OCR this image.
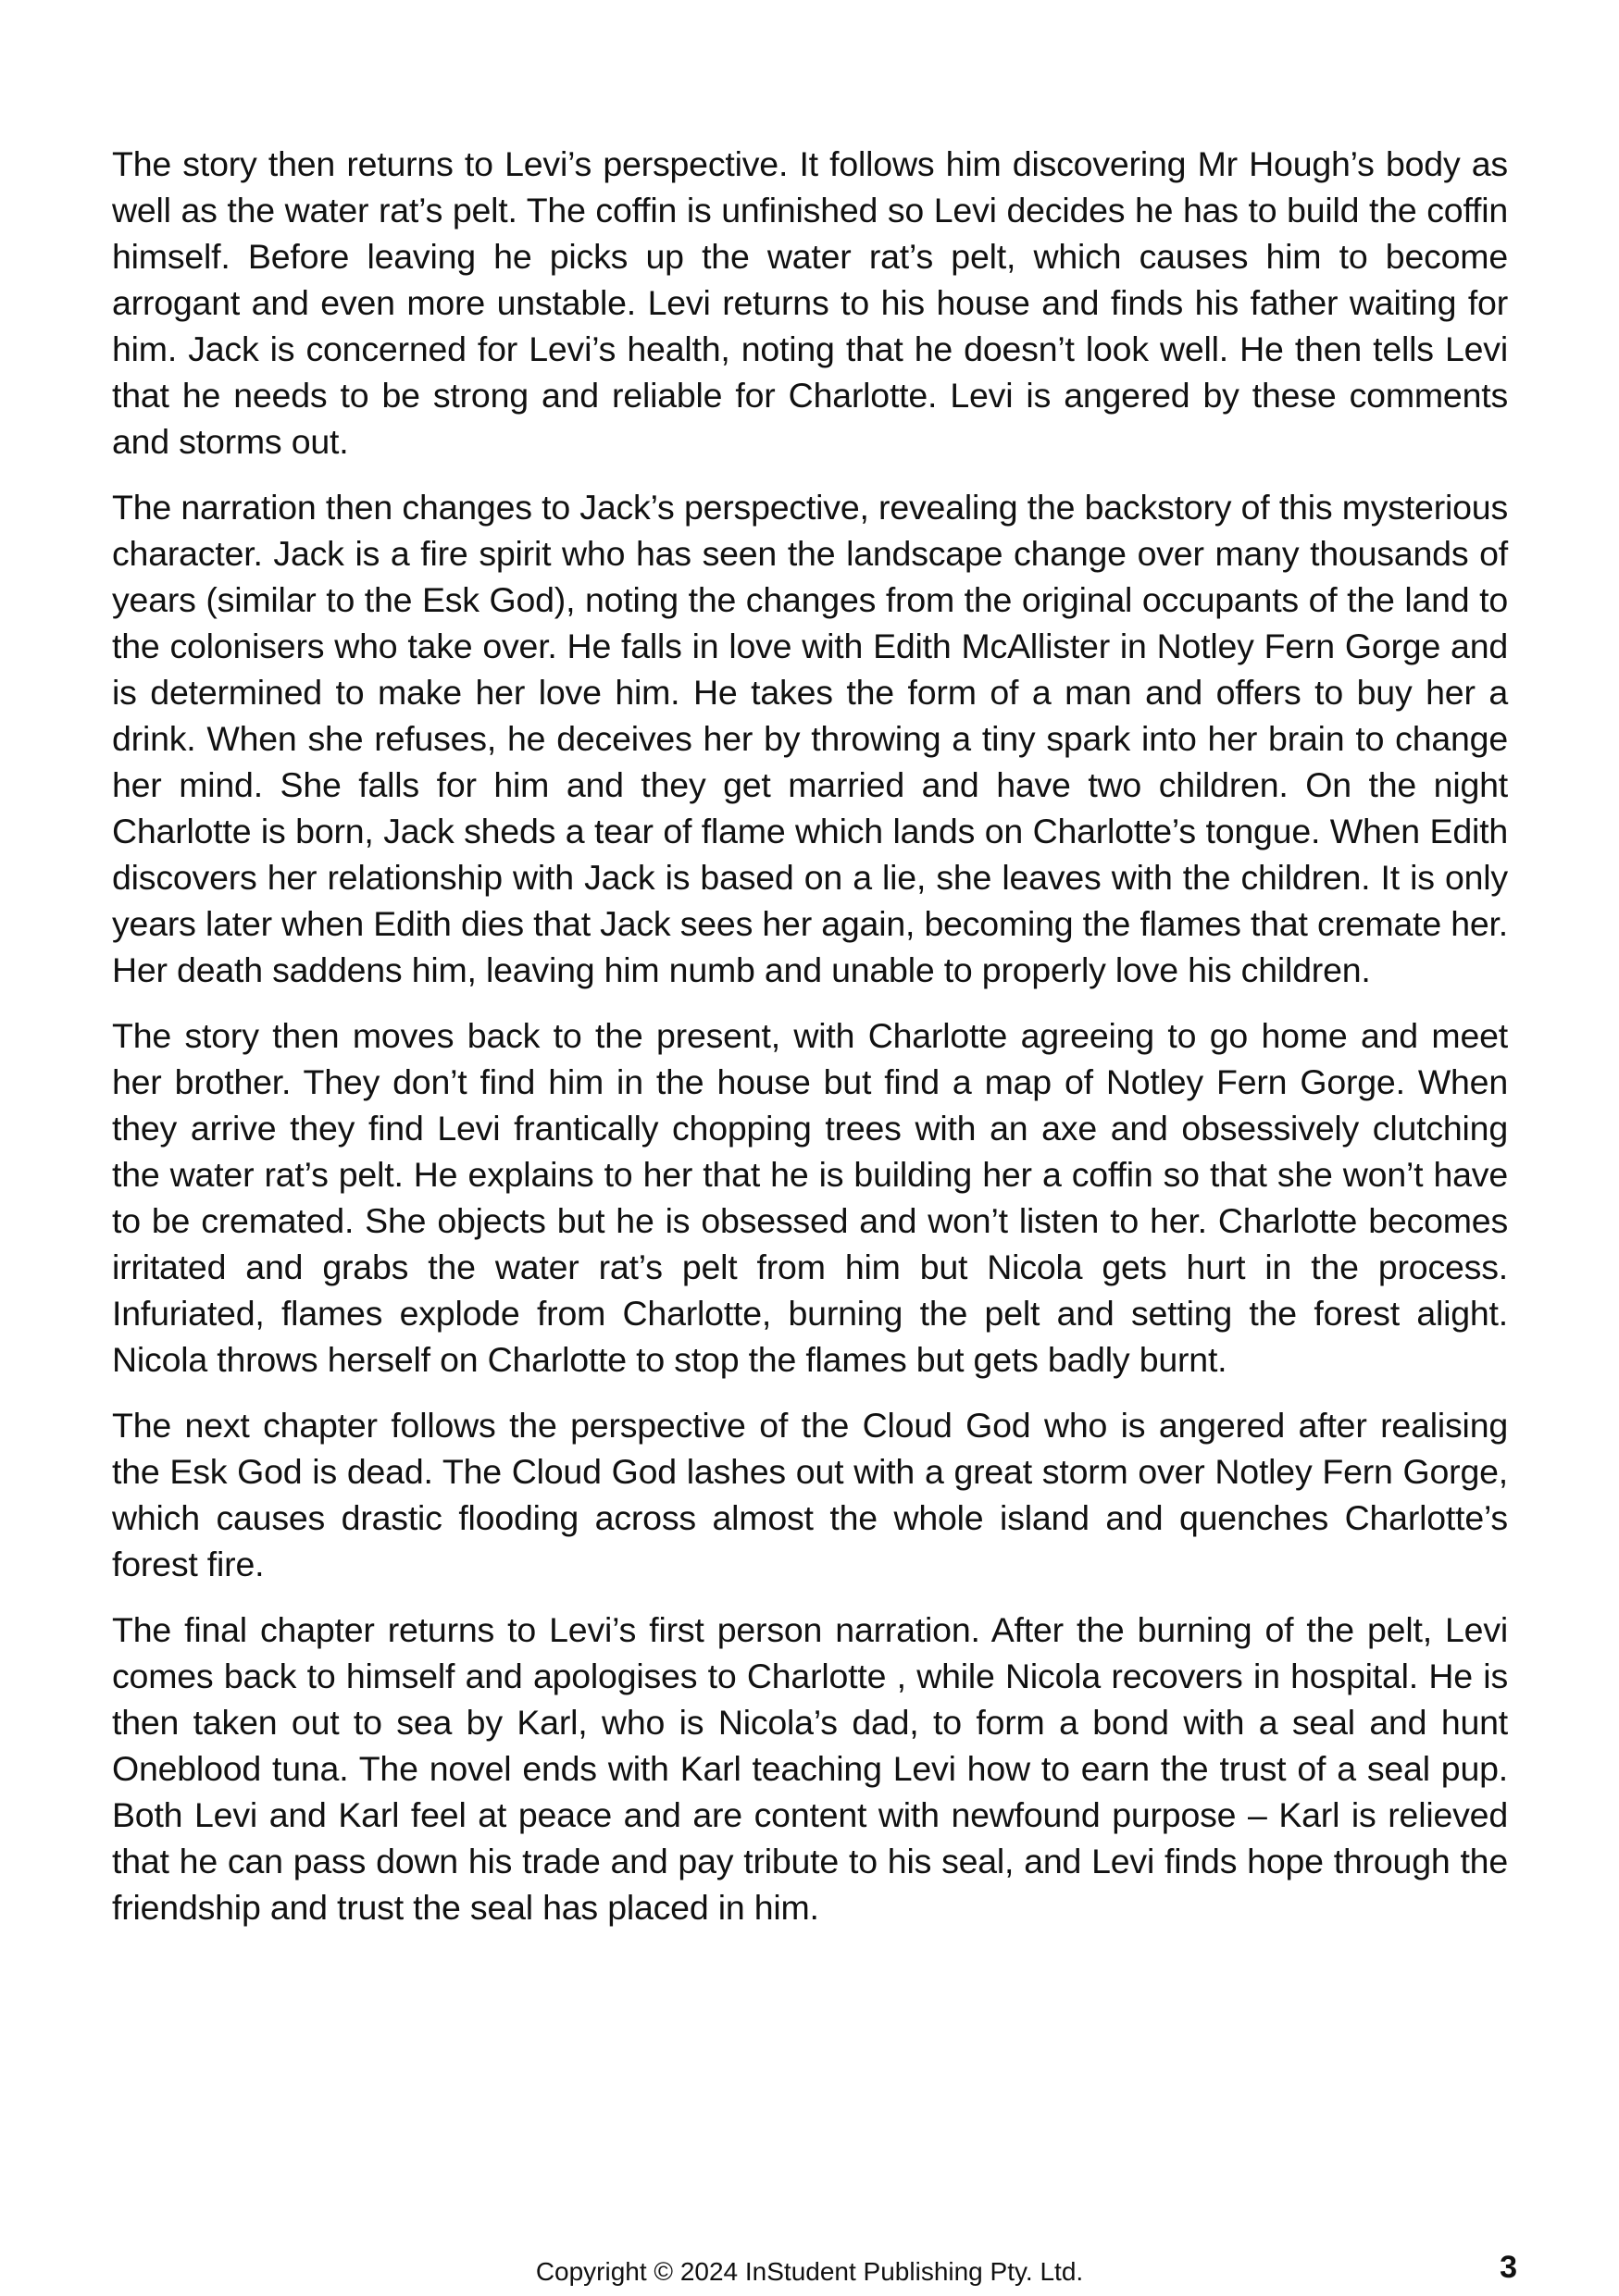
The story then returns to Levi’s perspective. It follows him discovering Mr Hough’s body as well as the water rat’s pelt. The coffin is unfinished so Levi decides he has to build the coffin himself. Before leaving he picks up the water rat’s pelt, which causes him to become arrogant and even more unstable. Levi returns to his house and finds his father waiting for him. Jack is concerned for Levi’s health, noting that he doesn’t look well. He then tells Levi that he needs to be strong and reliable for Charlotte. Levi is angered by these comments and storms out.

The narration then changes to Jack’s perspective, revealing the backstory of this mysterious character. Jack is a fire spirit who has seen the landscape change over many thousands of years (similar to the Esk God), noting the changes from the original occupants of the land to the colonisers who take over. He falls in love with Edith McAllister in Notley Fern Gorge and is determined to make her love him. He takes the form of a man and offers to buy her a drink. When she refuses, he deceives her by throwing a tiny spark into her brain to change her mind. She falls for him and they get married and have two children. On the night Charlotte is born, Jack sheds a tear of flame which lands on Charlotte’s tongue. When Edith discovers her relationship with Jack is based on a lie, she leaves with the children. It is only years later when Edith dies that Jack sees her again, becoming the flames that cremate her. Her death saddens him, leaving him numb and unable to properly love his children.

The story then moves back to the present, with Charlotte agreeing to go home and meet her brother. They don’t find him in the house but find a map of Notley Fern Gorge. When they arrive they find Levi frantically chopping trees with an axe and obsessively clutching the water rat’s pelt. He explains to her that he is building her a coffin so that she won’t have to be cremated. She objects but he is obsessed and won’t listen to her. Charlotte becomes irritated and grabs the water rat’s pelt from him but Nicola gets hurt in the process. Infuriated, flames explode from Charlotte, burning the pelt and setting the forest alight. Nicola throws herself on Charlotte to stop the flames but gets badly burnt.

The next chapter follows the perspective of the Cloud God who is angered after realising the Esk God is dead. The Cloud God lashes out with a great storm over Notley Fern Gorge, which causes drastic flooding across almost the whole island and quenches Charlotte’s forest fire.

The final chapter returns to Levi’s first person narration. After the burning of the pelt, Levi comes back to himself and apologises to Charlotte , while Nicola recovers in hospital. He is then taken out to sea by Karl, who is Nicola’s dad, to form a bond with a seal and hunt Oneblood tuna. The novel ends with Karl teaching Levi how to earn the trust of a seal pup. Both Levi and Karl feel at peace and are content with newfound purpose – Karl is relieved that he can pass down his trade and pay tribute to his seal, and Levi finds hope through the friendship and trust the seal has placed in him.

Copyright © 2024 InStudent Publishing Pty. Ltd.	3
